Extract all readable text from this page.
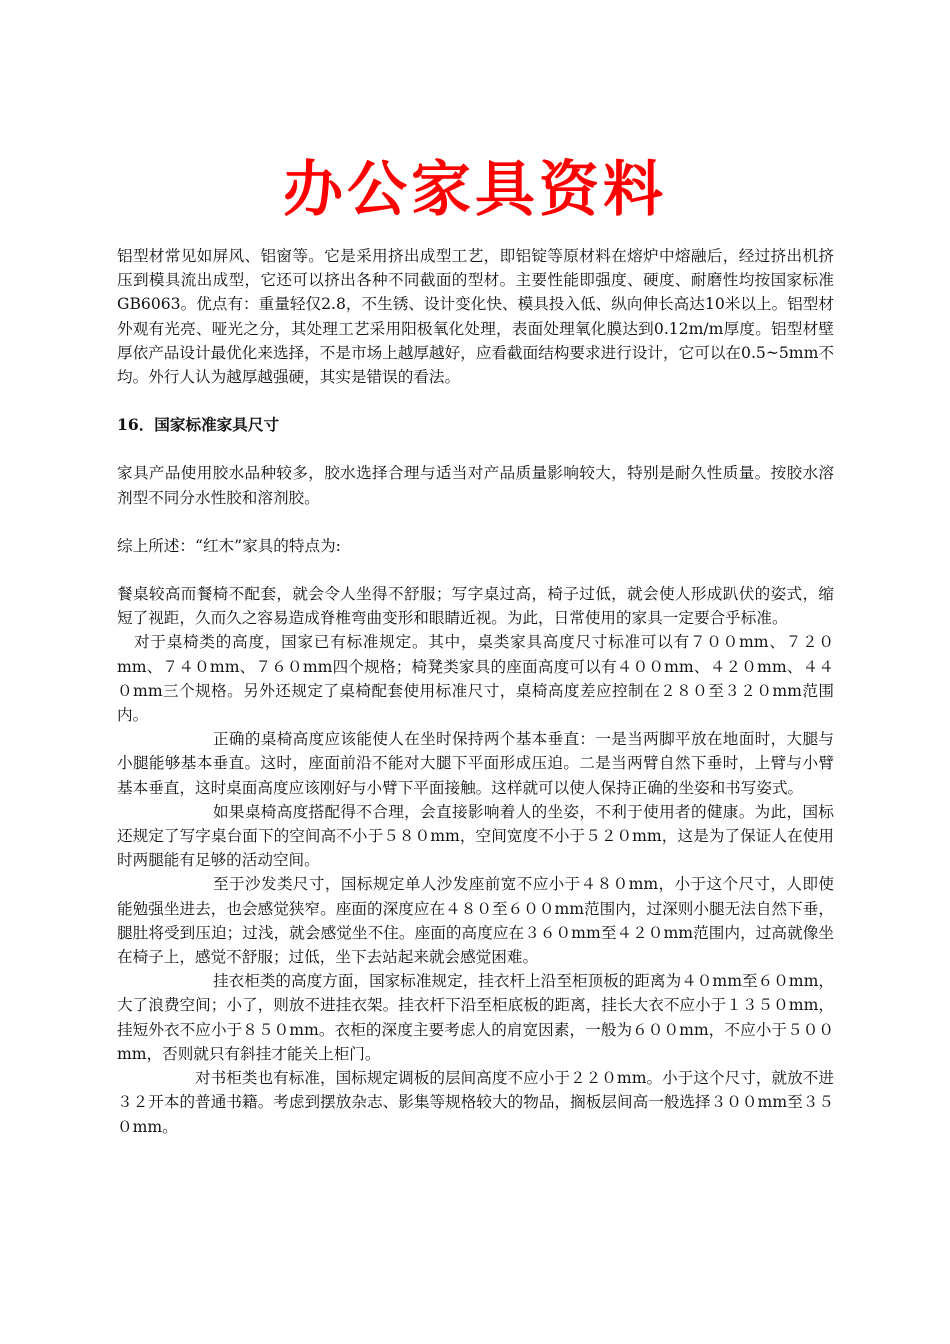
办公家具资料

铝型材常见如屏风、铝窗等。它是采用挤出成型工艺，即铝锭等原材料在熔炉中熔融后，经过挤出机挤压到模具流出成型，它还可以挤出各种不同截面的型材。主要性能即强度、硬度、耐磨性均按国家标准GB6063。优点有：重量轻仅2.8，不生锈、设计变化快、模具投入低、纵向伸长高达10米以上。铝型材外观有光亮、哑光之分，其处理工艺采用阳极氧化处理，表面处理氧化膜达到0.12m/m厚度。铝型材壁厚依产品设计最优化来选择，不是市场上越厚越好，应看截面结构要求进行设计，它可以在0.5~5mm不均。外行人认为越厚越强硬，其实是错误的看法。

16．国家标准家具尺寸

家具产品使用胶水品种较多，胶水选择合理与适当对产品质量影响较大，特别是耐久性质量。按胶水溶剂型不同分水性胶和溶剂胶。

综上所述：“红木”家具的特点为:

餐桌较高而餐椅不配套，就会令人坐得不舒服；写字桌过高，椅子过低，就会使人形成趴伏的姿式，缩短了视距，久而久之容易造成脊椎弯曲变形和眼睛近视。为此，日常使用的家具一定要合乎标准。

对于桌椅类的高度，国家已有标准规定。其中，桌类家具高度尺寸标准可以有７００mm、７２０mm、７４０mm、７６０mm四个规格；椅凳类家具的座面高度可以有４００mm、４２０mm、４４０mm三个规格。另外还规定了桌椅配套使用标准尺寸，桌椅高度差应控制在２８０至３２０mm范围内。

正确的桌椅高度应该能使人在坐时保持两个基本垂直：一是当两脚平放在地面时，大腿与小腿能够基本垂直。这时，座面前沿不能对大腿下平面形成压迫。二是当两臂自然下垂时，上臂与小臂基本垂直，这时桌面高度应该刚好与小臂下平面接触。这样就可以使人保持正确的坐姿和书写姿式。

如果桌椅高度搭配得不合理，会直接影响着人的坐姿，不利于使用者的健康。为此，国标还规定了写字桌台面下的空间高不小于５８０mm，空间宽度不小于５２０mm，这是为了保证人在使用时两腿能有足够的活动空间。

至于沙发类尺寸，国标规定单人沙发座前宽不应小于４８０mm，小于这个尺寸，人即使能勉强坐进去，也会感觉狭窄。座面的深度应在４８０至６００mm范围内，过深则小腿无法自然下垂，腿肚将受到压迫；过浅，就会感觉坐不住。座面的高度应在３６０mm至４２０mm范围内，过高就像坐在椅子上，感觉不舒服；过低，坐下去站起来就会感觉困难。

挂衣柜类的高度方面，国家标准规定，挂衣杆上沿至柜顶板的距离为４０mm至６０mm，大了浪费空间；小了，则放不进挂衣架。挂衣杆下沿至柜底板的距离，挂长大衣不应小于１３５０mm，挂短外衣不应小于８５０mm。衣柜的深度主要考虑人的肩宽因素，一般为６００mm，不应小于５００mm，否则就只有斜挂才能关上柜门。

对书柜类也有标准，国标规定调板的层间高度不应小于２２０mm。小于这个尺寸，就放不进３２开本的普通书籍。考虑到摆放杂志、影集等规格较大的物品，搁板层间高一般选择３００mm至３５０mm。
